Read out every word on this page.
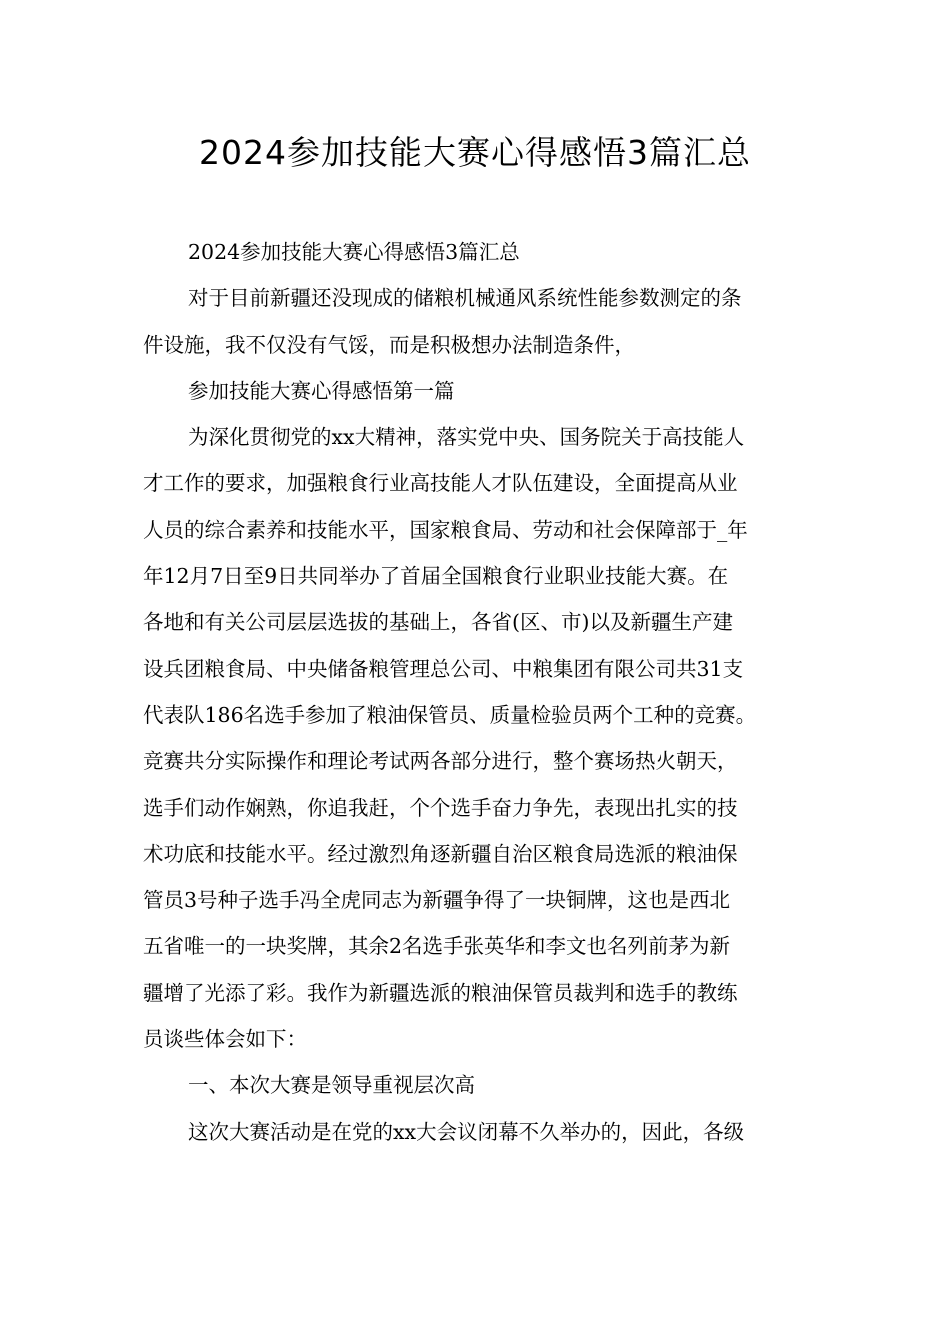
2024参加技能大赛心得感悟3篇汇总
2024参加技能大赛心得感悟3篇汇总
对于目前新疆还没现成的储粮机械通风系统性能参数测定的条
件设施，我不仅没有气馁，而是积极想办法制造条件，
参加技能大赛心得感悟第一篇
为深化贯彻党的xx大精神，落实党中央、国务院关于高技能人
才工作的要求，加强粮食行业高技能人才队伍建设，全面提高从业
人员的综合素养和技能水平，国家粮食局、劳动和社会保障部于_年
年12月7日至9日共同举办了首届全国粮食行业职业技能大赛。在
各地和有关公司层层选拔的基础上，各省(区、市)以及新疆生产建
设兵团粮食局、中央储备粮管理总公司、中粮集团有限公司共31支
代表队186名选手参加了粮油保管员、质量检验员两个工种的竞赛。
竞赛共分实际操作和理论考试两各部分进行，整个赛场热火朝天，
选手们动作娴熟，你追我赶，个个选手奋力争先，表现出扎实的技
术功底和技能水平。经过激烈角逐新疆自治区粮食局选派的粮油保
管员3号种子选手冯全虎同志为新疆争得了一块铜牌，这也是西北
五省唯一的一块奖牌，其余2名选手张英华和李文也名列前茅为新
疆增了光添了彩。我作为新疆选派的粮油保管员裁判和选手的教练
员谈些体会如下：
一、本次大赛是领导重视层次高
这次大赛活动是在党的xx大会议闭幕不久举办的，因此，各级
